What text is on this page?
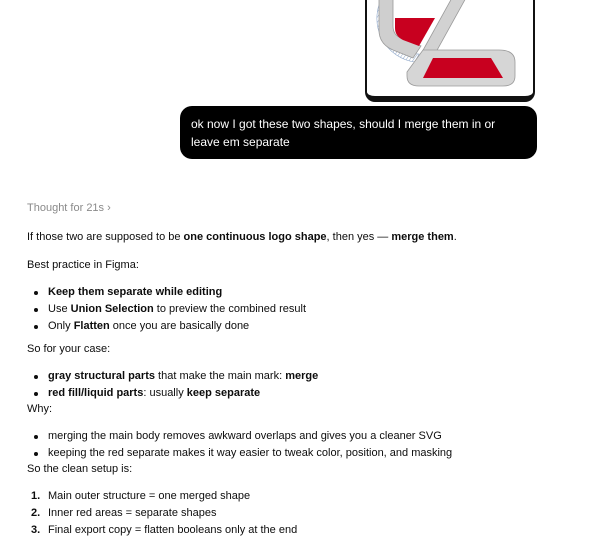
ok now I got these two shapes, should I merge them in or leave em separate
Thought for 21s ›

If those two are supposed to be one continuous logo shape, then yes — merge them.

Best practice in Figma:

Keep them separate while editing
Use Union Selection to preview the combined result
Only Flatten once you are basically done

So for your case:

gray structural parts that make the main mark: merge
red fill/liquid parts: usually keep separate

Why:

merging the main body removes awkward overlaps and gives you a cleaner SVG
keeping the red separate makes it way easier to tweak color, position, and masking

So the clean setup is:

1. Main outer structure = one merged shape
2. Inner red areas = separate shapes
3. Final export copy = flatten booleans only at the end
